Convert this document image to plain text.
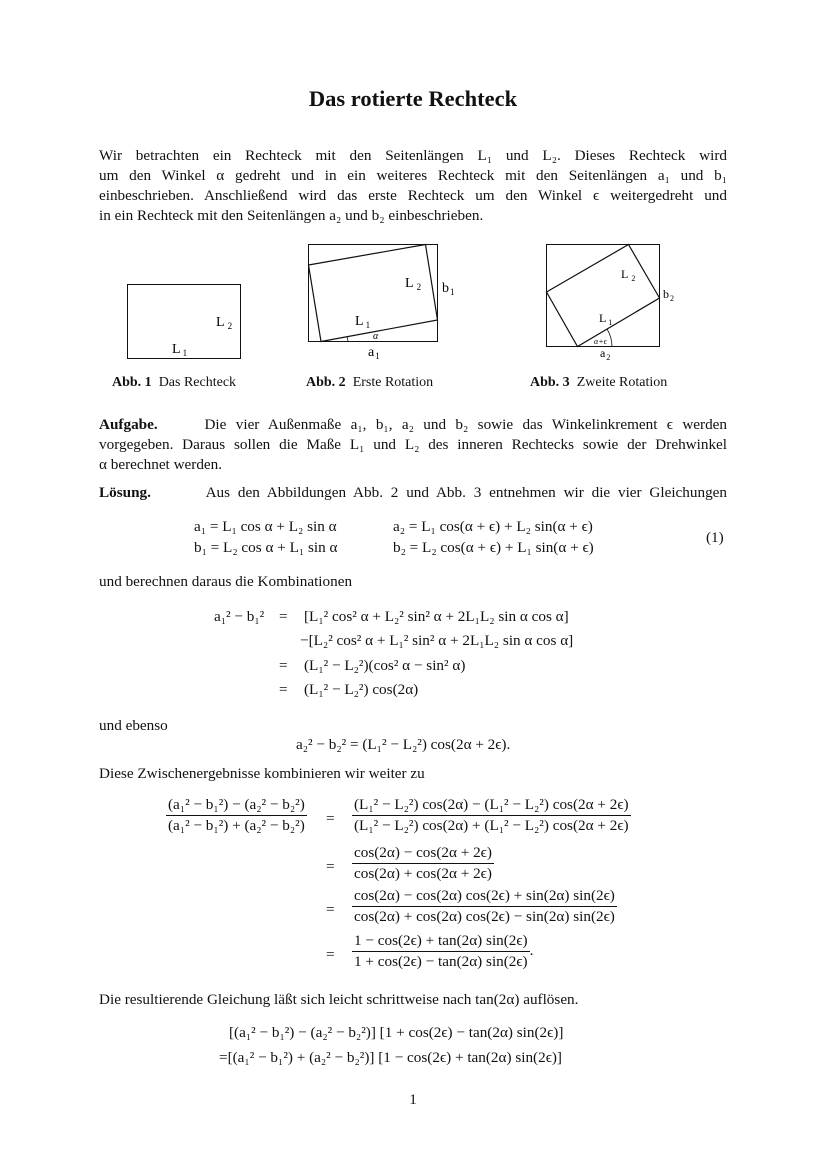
Das rotierte Rechteck
Wir betrachten ein Rechteck mit den Seitenlängen L₁ und L₂. Dieses Rechteck wird
um den Winkel α gedreht und in ein weiteres Rechteck mit den Seitenlängen a₁ und b₁
einbeschrieben. Anschließend wird das erste Rechteck um den Winkel ϵ weitergedreht und
in ein Rechteck mit den Seitenlängen a₂ und b₂ einbeschrieben.
L $_2$
L $_1$
Abb. 1 Das Rechteck
L $_2$ $b_1$
L $_1$
α
$a_1$
Abb. 2 Erste Rotation
L $_2$
$b_2$
L $_1$
α+ϵ
$a_2$
Abb. 3 Zweite Rotation
Aufgabe.	Die vier Außenmaße a₁, b₁, a₂ und b₂ sowie das Winkelinkrement ϵ werden
vorgegeben. Daraus sollen die Maße L₁ und L₂ des inneren Rechtecks sowie der Drehwinkel
α berechnet werden.
Lösung.	Aus den Abbildungen Abb. 2 und Abb. 3 entnehmen wir die vier Gleichungen
a₁ = L₁ cos α + L₂ sin α
b₁ = L₂ cos α + L₁ sin α
a₂ = L₁ cos(α + ϵ) + L₂ sin(α + ϵ)
b₂ = L₂ cos(α + ϵ) + L₁ sin(α + ϵ)
(1)
und berechnen daraus die Kombinationen
a₁² − b₁² = [L₁² cos² α + L₂² sin² α + 2L₁L₂ sin α cos α]
−[L₂² cos² α + L₁² sin² α + 2L₁L₂ sin α cos α]
= (L₁² − L₂²)(cos² α − sin² α)
= (L₁² − L₂²) cos(2α)
und ebenso
a₂² − b₂² = (L₁² − L₂²) cos(2α + 2ϵ).
Diese Zwischenergebnisse kombinieren wir weiter zu
$\frac{\text{(a₁² − b₁²) − (a₂² − b₂²)}}{\text{(a₁² − b₁²) + (a₂² − b₂²)}} = \frac{\text{(L₁² − L₂²) cos(2α) − (L₁² − L₂²) cos(2α + 2ϵ)}}{\text{(L₁² − L₂²) cos(2α) + (L₁² − L₂²) cos(2α + 2ϵ)}}$
= $\frac{\cos(2\alpha) - \cos(2\alpha + 2\epsilon)}{\cos(2\alpha) + \cos(2\alpha + 2\epsilon)}$
= $\frac{\cos(2\alpha) - \cos(2\alpha) \cos(2\epsilon) + \sin(2\alpha) \sin(2\epsilon)}{\cos(2\alpha) + \cos(2\alpha) \cos(2\epsilon) - \sin(2\alpha) \sin(2\epsilon)}$
= $\frac{1 - \cos(2\epsilon) + \tan(2\alpha) \sin(2\epsilon)}{1 + \cos(2\epsilon) - \tan(2\alpha) \sin(2\epsilon)}$ .
Die resultierende Gleichung läßt sich leicht schrittweise nach tan(2α) auflösen.
[(a₁² − b₁²) − (a₂² − b₂²)] [1 + cos(2ϵ) − tan(2α) sin(2ϵ)]
=[(a₁² − b₁²) + (a₂² − b₂²)] [1 − cos(2ϵ) + tan(2α) sin(2ϵ)]
1
